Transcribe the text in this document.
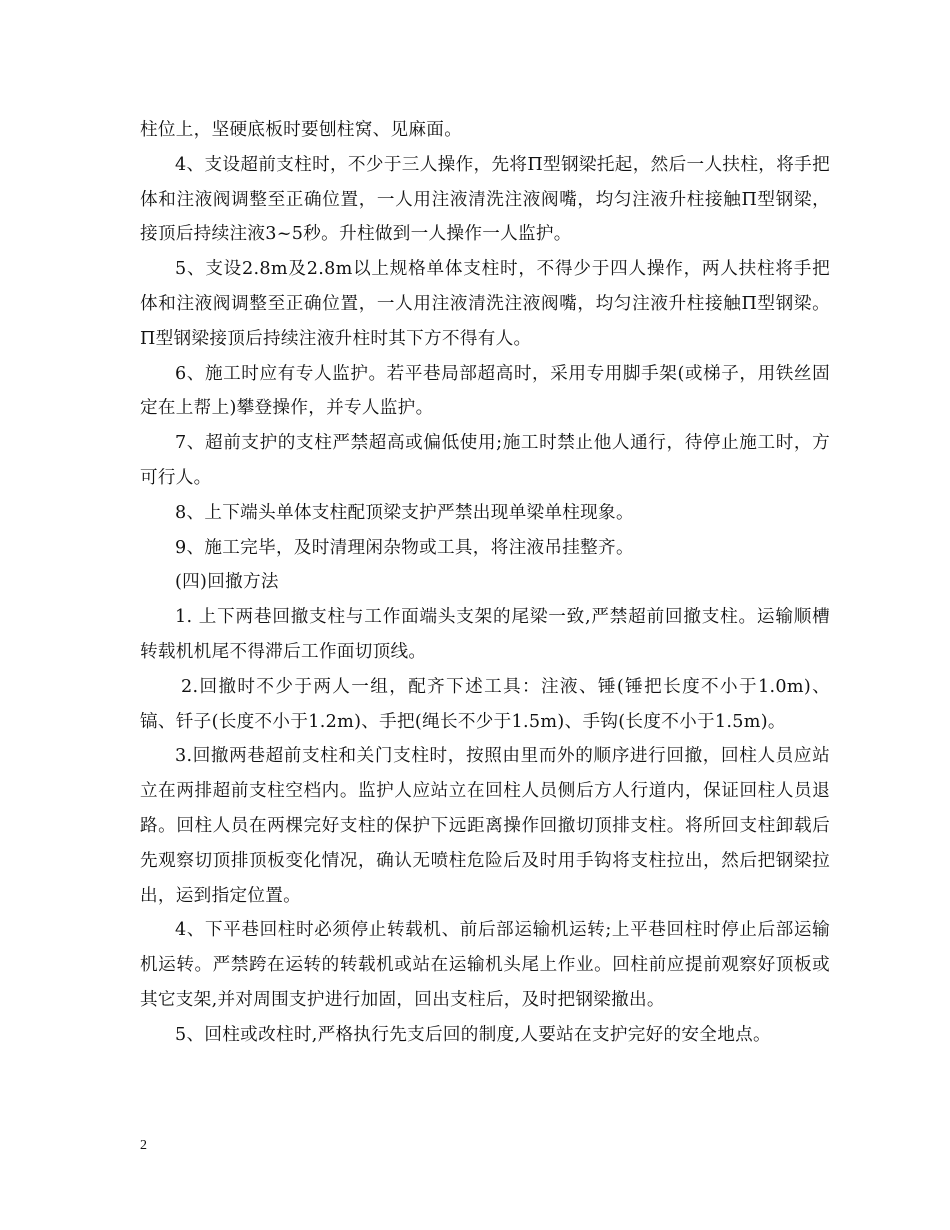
柱位上，坚硬底板时要刨柱窝、见麻面。

4、支设超前支柱时，不少于三人操作，先将Π型钢梁托起，然后一人扶柱，将手把体和注液阀调整至正确位置，一人用注液清洗注液阀嘴，均匀注液升柱接触Π型钢梁，接顶后持续注液3~5秒。升柱做到一人操作一人监护。

5、支设2.8m及2.8m以上规格单体支柱时，不得少于四人操作，两人扶柱将手把体和注液阀调整至正确位置，一人用注液清洗注液阀嘴，均匀注液升柱接触Π型钢梁。Π型钢梁接顶后持续注液升柱时其下方不得有人。

6、施工时应有专人监护。若平巷局部超高时，采用专用脚手架(或梯子，用铁丝固定在上帮上)攀登操作，并专人监护。

7、超前支护的支柱严禁超高或偏低使用;施工时禁止他人通行，待停止施工时，方可行人。

8、上下端头单体支柱配顶梁支护严禁出现单梁单柱现象。

9、施工完毕，及时清理闲杂物或工具，将注液吊挂整齐。

(四)回撤方法

1. 上下两巷回撤支柱与工作面端头支架的尾梁一致,严禁超前回撤支柱。运输顺槽转载机机尾不得滞后工作面切顶线。

2.回撤时不少于两人一组，配齐下述工具：注液、锤(锤把长度不小于1.0m)、镐、钎子(长度不小于1.2m)、手把(绳长不少于1.5m)、手钩(长度不小于1.5m)。

3.回撤两巷超前支柱和关门支柱时，按照由里而外的顺序进行回撤，回柱人员应站立在两排超前支柱空档内。监护人应站立在回柱人员侧后方人行道内，保证回柱人员退路。回柱人员在两棵完好支柱的保护下远距离操作回撤切顶排支柱。将所回支柱卸载后先观察切顶排顶板变化情况，确认无喷柱危险后及时用手钩将支柱拉出，然后把钢梁拉出，运到指定位置。

4、下平巷回柱时必须停止转载机、前后部运输机运转;上平巷回柱时停止后部运输机运转。严禁跨在运转的转载机或站在运输机头尾上作业。回柱前应提前观察好顶板或其它支架,并对周围支护进行加固，回出支柱后，及时把钢梁撤出。

5、回柱或改柱时,严格执行先支后回的制度,人要站在支护完好的安全地点。

2
